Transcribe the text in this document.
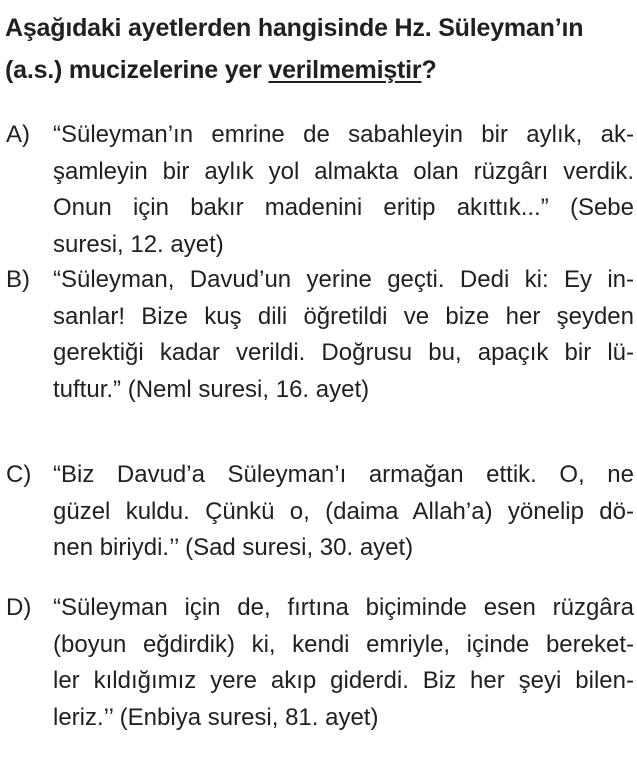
Aşağıdaki ayetlerden hangisinde Hz. Süleyman’ın
(a.s.) mucizelerine yer verilmemiştir?
A) “Süleyman’ın emrine de sabahleyin bir aylık, ak-
şamleyin bir aylık yol almakta olan rüzgârı verdik.
Onun için bakır madenini eritip akıttık...” (Sebe
suresi, 12. ayet)
B) “Süleyman, Davud’un yerine geçti. Dedi ki: Ey in-
sanlar! Bize kuş dili öğretildi ve bize her şeyden
gerektiği kadar verildi. Doğrusu bu, apaçık bir lü-
tuftur.” (Neml suresi, 16. ayet)
C) “Biz Davud’a Süleyman’ı armağan ettik. O, ne
güzel kuldu. Çünkü o, (daima Allah’a) yönelip dö-
nen biriydi.’’ (Sad suresi, 30. ayet)
D) “Süleyman için de, fırtına biçiminde esen rüzgâra
(boyun eğdirdik) ki, kendi emriyle, içinde bereket-
ler kıldığımız yere akıp giderdi. Biz her şeyi bilen-
leriz.’’ (Enbiya suresi, 81. ayet)
